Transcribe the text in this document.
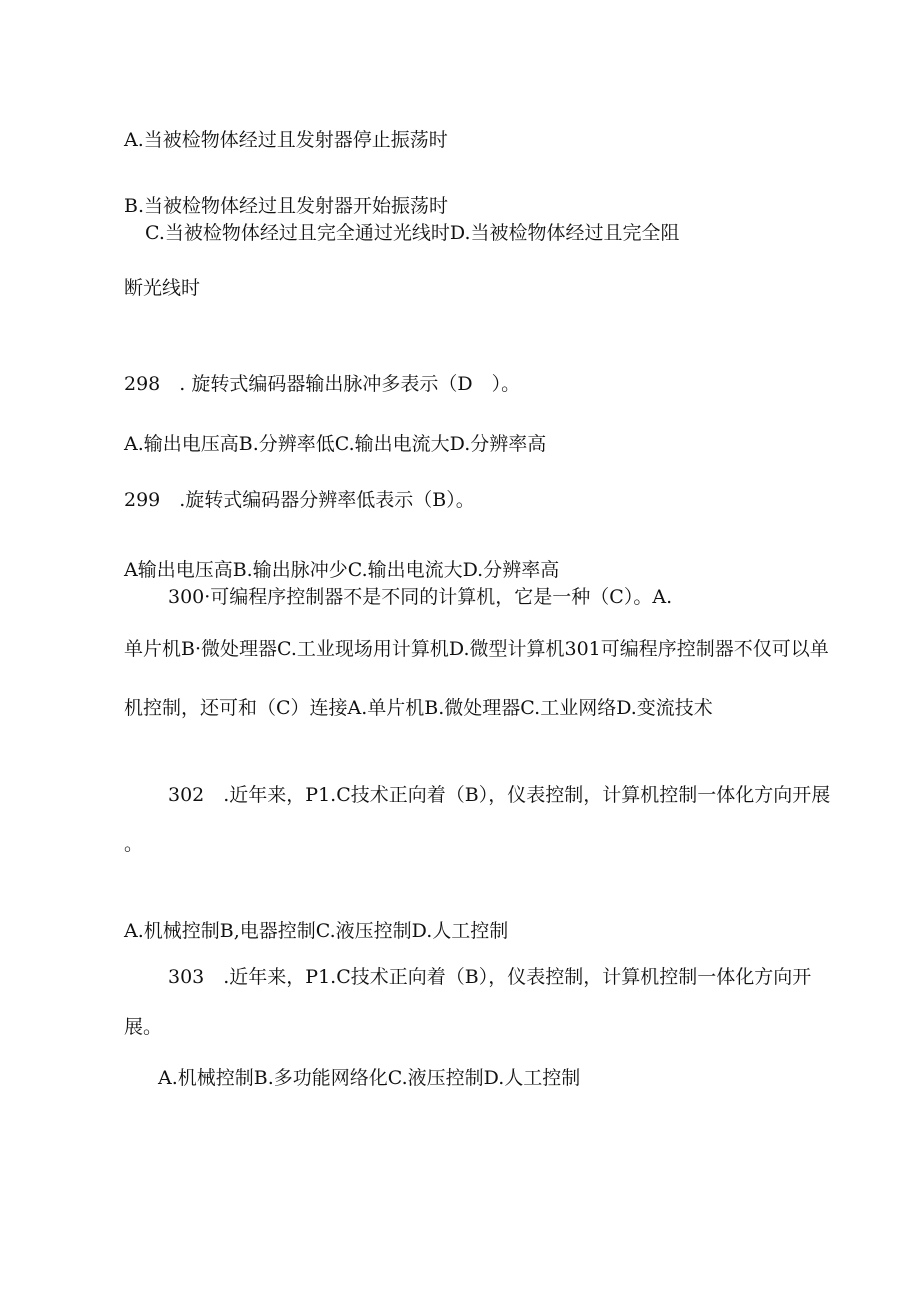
A.当被检物体经过且发射器停止振荡时
B.当被检物体经过且发射器开始振荡时
C.当被检物体经过且完全通过光线时D.当被检物体经过且完全阻
断光线时
298　. 旋转式编码器输出脉冲多表示（D　）。
A.输出电压高B.分辨率低C.输出电流大D.分辨率高
299　.旋转式编码器分辨率低表示（B）。
A输出电压高B.输出脉冲少C.输出电流大D.分辨率高
300·可编程序控制器不是不同的计算机，它是一种（C）。A.
单片机B·微处理器C.工业现场用计算机D.微型计算机301可编程序控制器不仅可以单
机控制，还可和（C）连接A.单片机B.微处理器C.工业网络D.变流技术
302　.近年来，P1.C技术正向着（B），仪表控制，计算机控制一体化方向开展
。
A.机械控制B,电器控制C.液压控制D.人工控制
303　.近年来，P1.C技术正向着（B），仪表控制，计算机控制一体化方向开
展。
A.机械控制B.多功能网络化C.液压控制D.人工控制
